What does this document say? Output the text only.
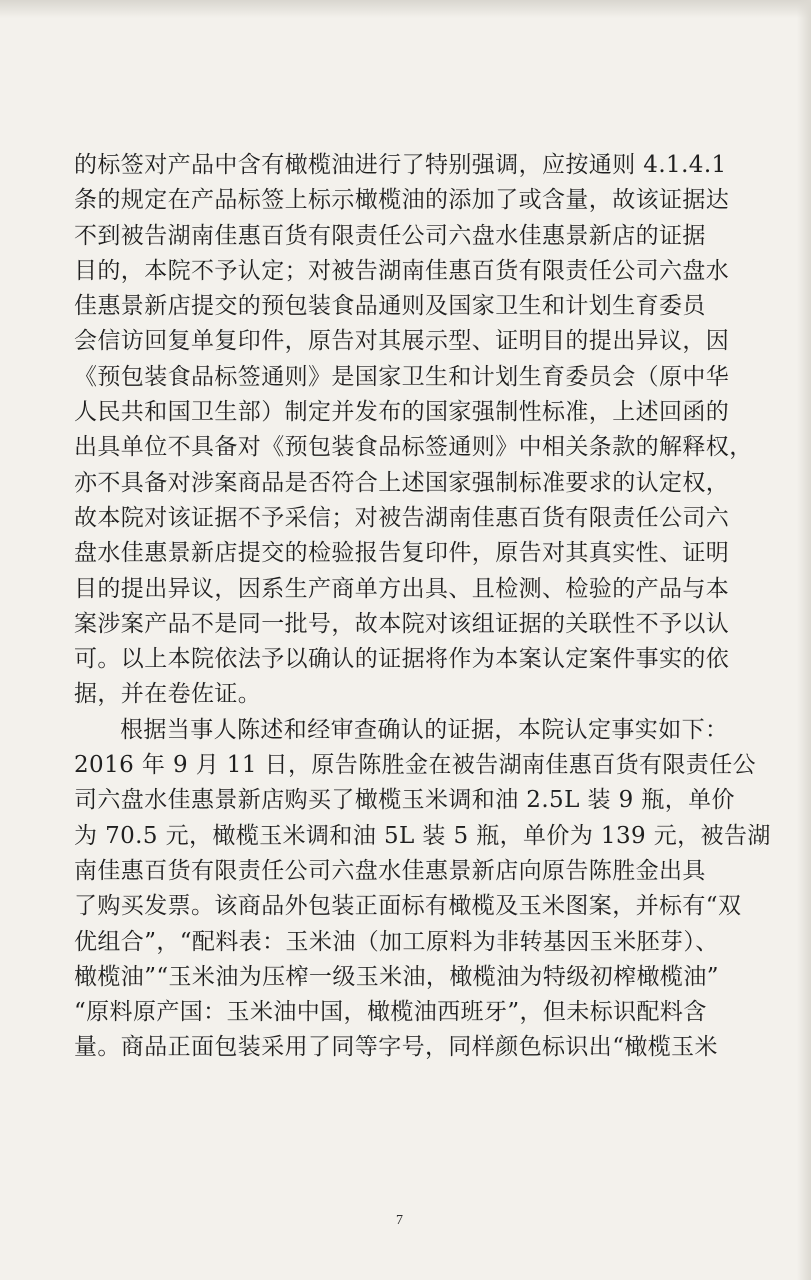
的标签对产品中含有橄榄油进行了特别强调，应按通则 4.1.4.1
条的规定在产品标签上标示橄榄油的添加了或含量，故该证据达
不到被告湖南佳惠百货有限责任公司六盘水佳惠景新店的证据
目的，本院不予认定；对被告湖南佳惠百货有限责任公司六盘水
佳惠景新店提交的预包装食品通则及国家卫生和计划生育委员
会信访回复单复印件，原告对其展示型、证明目的提出异议，因
《预包装食品标签通则》是国家卫生和计划生育委员会（原中华
人民共和国卫生部）制定并发布的国家强制性标准，上述回函的
出具单位不具备对《预包装食品标签通则》中相关条款的解释权，
亦不具备对涉案商品是否符合上述国家强制标准要求的认定权，
故本院对该证据不予采信；对被告湖南佳惠百货有限责任公司六
盘水佳惠景新店提交的检验报告复印件，原告对其真实性、证明
目的提出异议，因系生产商单方出具、且检测、检验的产品与本
案涉案产品不是同一批号，故本院对该组证据的关联性不予以认
可。以上本院依法予以确认的证据将作为本案认定案件事实的依
据，并在卷佐证。

根据当事人陈述和经审查确认的证据，本院认定事实如下：
2016 年 9 月 11 日，原告陈胜金在被告湖南佳惠百货有限责任公
司六盘水佳惠景新店购买了橄榄玉米调和油 2.5L 装 9 瓶，单价
为 70.5 元，橄榄玉米调和油 5L 装 5 瓶，单价为 139 元，被告湖
南佳惠百货有限责任公司六盘水佳惠景新店向原告陈胜金出具
了购买发票。该商品外包装正面标有橄榄及玉米图案，并标有“双
优组合”，“配料表：玉米油（加工原料为非转基因玉米胚芽）、
橄榄油”“玉米油为压榨一级玉米油，橄榄油为特级初榨橄榄油”
“原料原产国：玉米油中国，橄榄油西班牙”，但未标识配料含
量。商品正面包装采用了同等字号，同样颜色标识出“橄榄玉米

7
